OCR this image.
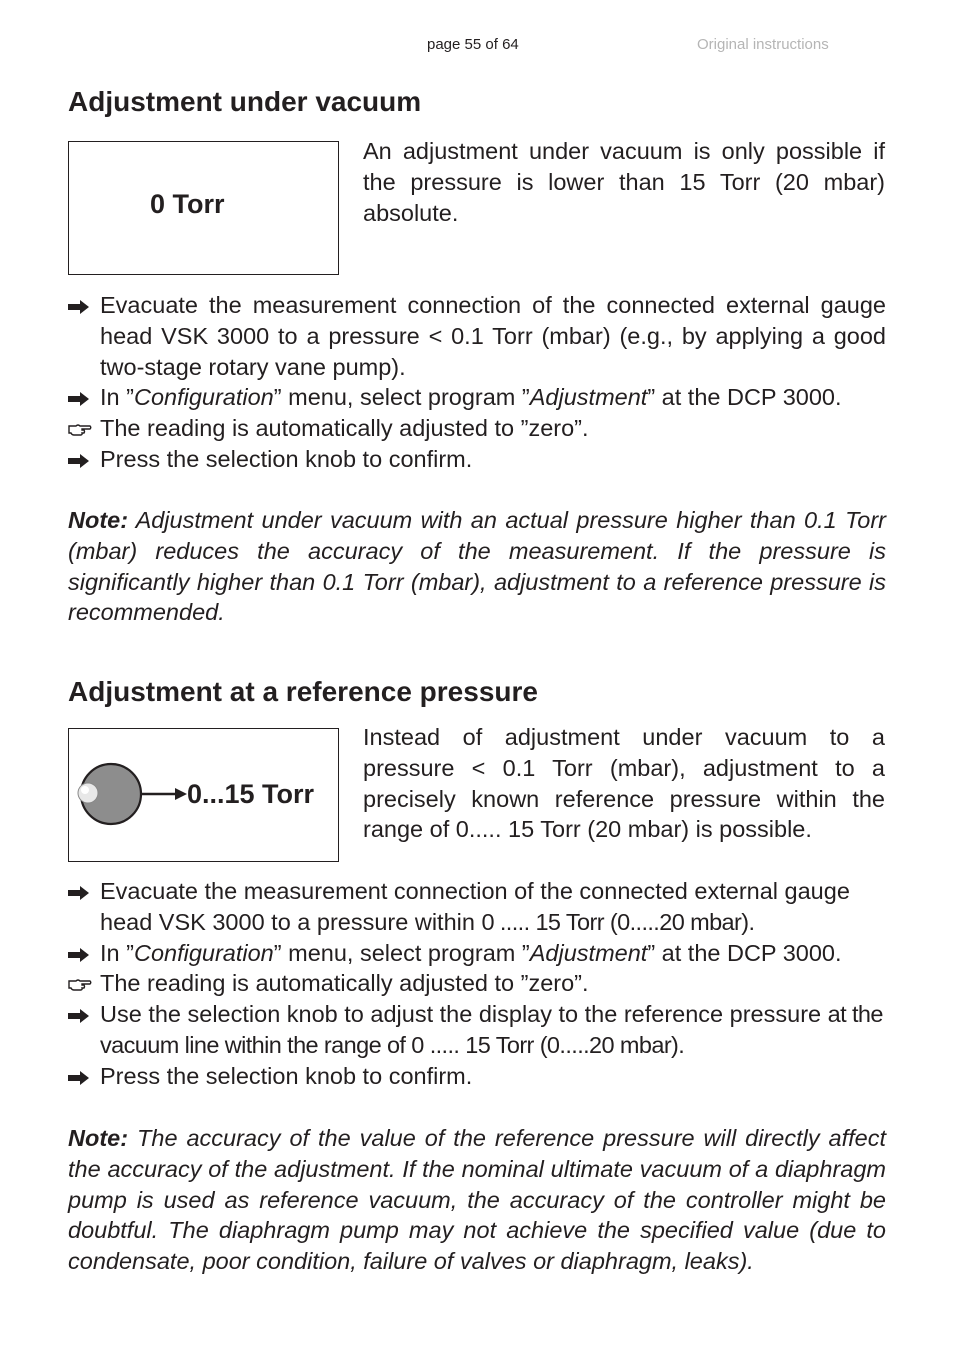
page 55 of 64	Original instructions
Adjustment under vacuum
0 Torr

An adjustment under vacuum is only possible if the pressure is lower than 15 Torr (20 mbar) absolute.

Evacuate the measurement connection of the connected external gauge head VSK 3000 to a pressure < 0.1 Torr (mbar) (e.g., by applying a good two-stage rotary vane pump).
In ”Configuration” menu, select program ”Adjustment” at the DCP 3000.
The reading is automatically adjusted to ”zero”.
Press the selection knob to confirm.

Note: Adjustment under vacuum with an actual pressure higher than 0.1 Torr (mbar) reduces the accuracy of the measurement. If the pressure is significantly higher than 0.1 Torr (mbar), adjustment to a reference pressure is recommended.

Adjustment at a reference pressure
0...15 Torr

Instead of adjustment under vacuum to a pressure < 0.1 Torr (mbar), adjustment to a precisely known reference pressure within the range of 0..... 15 Torr (20 mbar) is possible.

Evacuate the measurement connection of the connected external gauge head VSK 3000 to a pressure within 0 ..... 15 Torr (0.....20 mbar).
In ”Configuration” menu, select program ”Adjustment” at the DCP 3000.
The reading is automatically adjusted to ”zero”.
Use the selection knob to adjust the display to the reference pressure at the vacuum line within the range of 0 ..... 15 Torr (0.....20 mbar).
Press the selection knob to confirm.

Note: The accuracy of the value of the reference pressure will directly affect the accuracy of the adjustment. If the nominal ultimate vacuum of a diaphragm pump is used as reference vacuum, the accuracy of the controller might be doubtful. The diaphragm pump may not achieve the specified value (due to condensate, poor condition, failure of valves or diaphragm, leaks).
